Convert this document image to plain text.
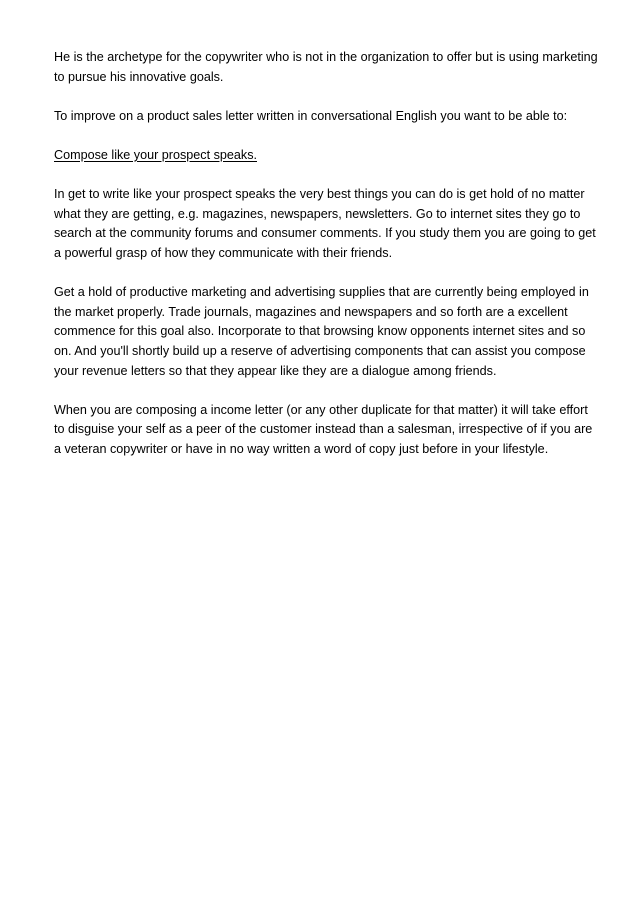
He is the archetype for the copywriter who is not in the organization to offer but is using marketing to pursue his innovative goals.

To improve on a product sales letter written in conversational English you want to be able to:

Compose like your prospect speaks.

In get to write like your prospect speaks the very best things you can do is get hold of no matter what they are getting, e.g. magazines, newspapers, newsletters. Go to internet sites they go to search at the community forums and consumer comments. If you study them you are going to get a powerful grasp of how they communicate with their friends.

Get a hold of productive marketing and advertising supplies that are currently being employed in the market properly. Trade journals, magazines and newspapers and so forth are a excellent commence for this goal also. Incorporate to that browsing know opponents internet sites and so on. And you'll shortly build up a reserve of advertising components that can assist you compose your revenue letters so that they appear like they are a dialogue among friends.

When you are composing a income letter (or any other duplicate for that matter) it will take effort to disguise your self as a peer of the customer instead than a salesman, irrespective of if you are a veteran copywriter or have in no way written a word of copy just before in your lifestyle.
